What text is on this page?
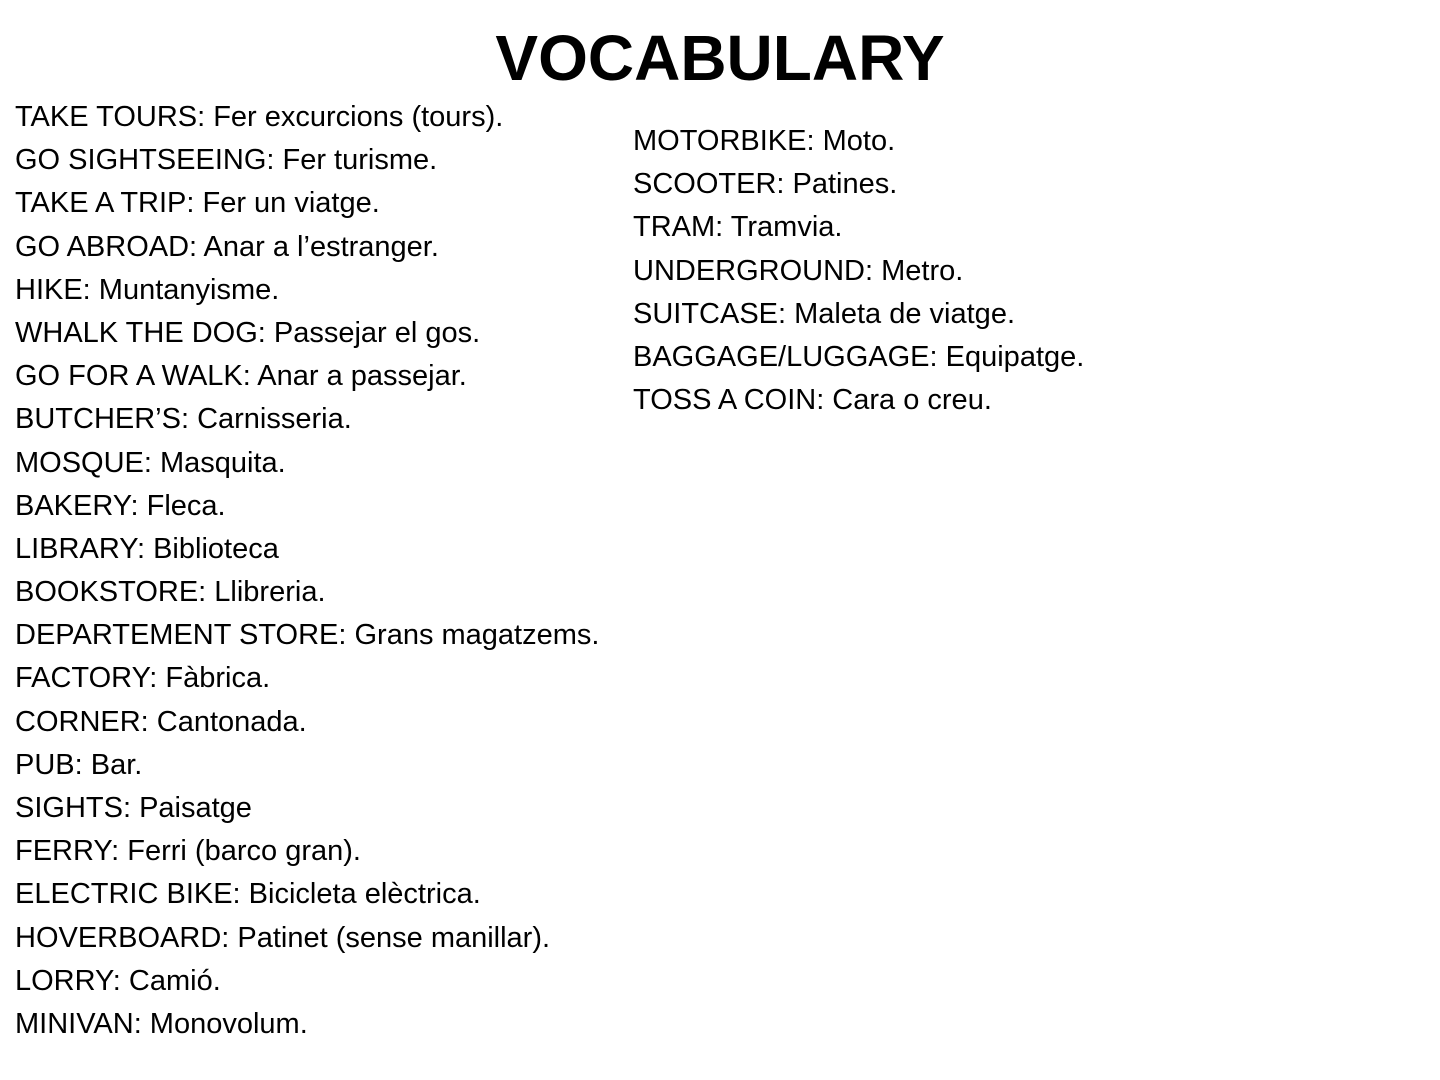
VOCABULARY
TAKE TOURS: Fer excurcions (tours).
GO SIGHTSEEING: Fer turisme.
TAKE A TRIP: Fer un viatge.
GO ABROAD: Anar a l’estranger.
HIKE: Muntanyisme.
WHALK THE DOG: Passejar el gos.
GO FOR A WALK: Anar a passejar.
BUTCHER’S: Carnisseria.
MOSQUE: Masquita.
BAKERY: Fleca.
LIBRARY: Biblioteca
BOOKSTORE: Llibreria.
DEPARTEMENT STORE: Grans magatzems.
FACTORY: Fàbrica.
CORNER: Cantonada.
PUB: Bar.
SIGHTS: Paisatge
FERRY: Ferri (barco gran).
ELECTRIC BIKE: Bicicleta elèctrica.
HOVERBOARD: Patinet (sense manillar).
LORRY: Camió.
MINIVAN: Monovolum.
MOTORBIKE: Moto.
SCOOTER: Patines.
TRAM: Tramvia.
UNDERGROUND: Metro.
SUITCASE: Maleta de viatge.
BAGGAGE/LUGGAGE: Equipatge.
TOSS A COIN: Cara o creu.
